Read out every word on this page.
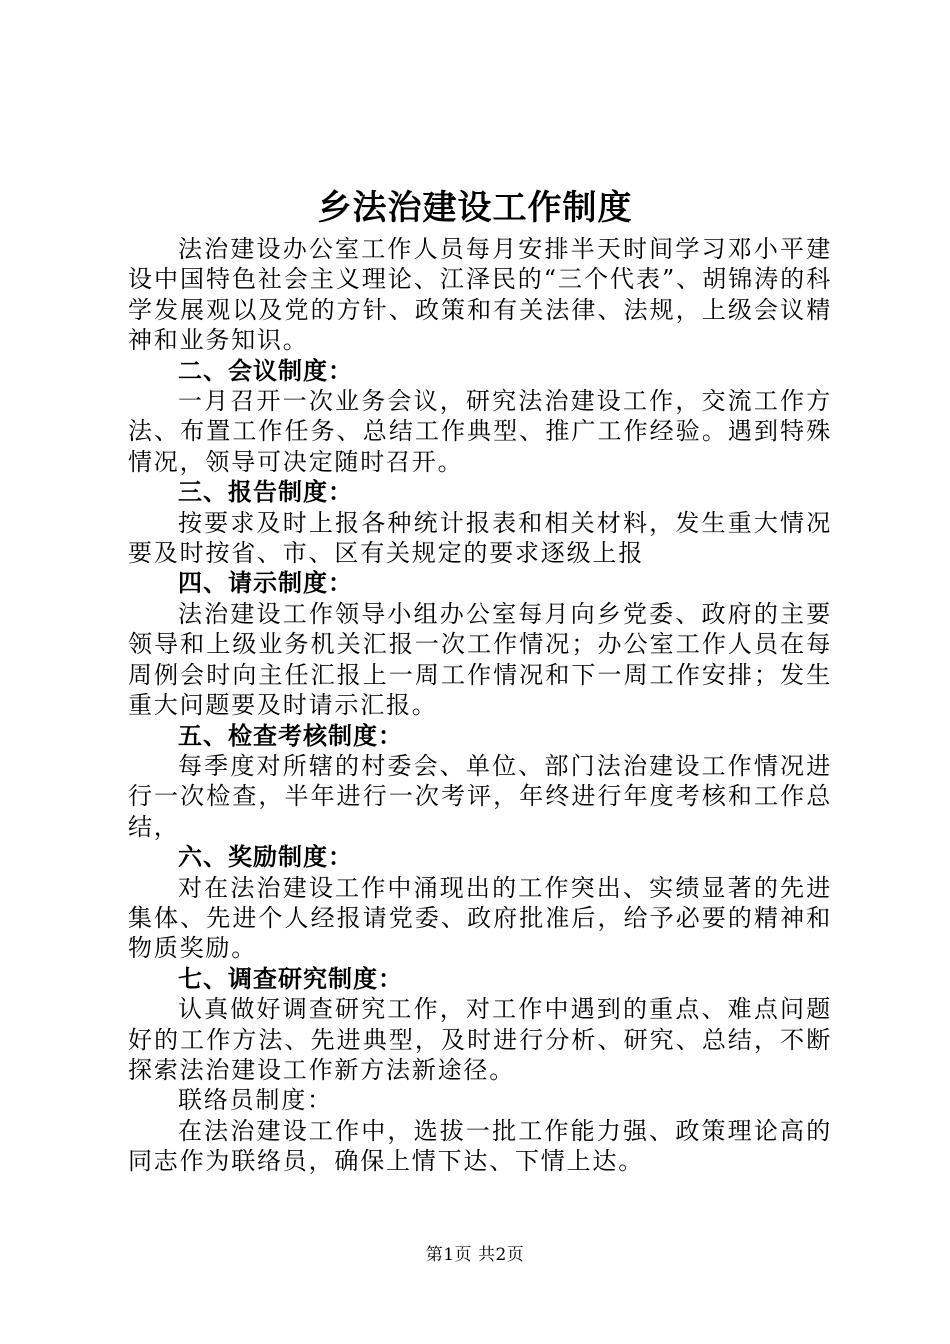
乡法治建设工作制度

法治建设办公室工作人员每月安排半天时间学习邓小平建设中国特色社会主义理论、江泽民的“三个代表”、胡锦涛的科学发展观以及党的方针、政策和有关法律、法规，上级会议精神和业务知识。

二、会议制度：

一月召开一次业务会议，研究法治建设工作，交流工作方法、布置工作任务、总结工作典型、推广工作经验。遇到特殊情况，领导可决定随时召开。

三、报告制度：

按要求及时上报各种统计报表和相关材料，发生重大情况要及时按省、市、区有关规定的要求逐级上报

四、请示制度：

法治建设工作领导小组办公室每月向乡党委、政府的主要领导和上级业务机关汇报一次工作情况；办公室工作人员在每周例会时向主任汇报上一周工作情况和下一周工作安排；发生重大问题要及时请示汇报。

五、检查考核制度：

每季度对所辖的村委会、单位、部门法治建设工作情况进行一次检查，半年进行一次考评，年终进行年度考核和工作总结，

六、奖励制度：

对在法治建设工作中涌现出的工作突出、实绩显著的先进集体、先进个人经报请党委、政府批准后，给予必要的精神和物质奖励。

七、调查研究制度：

认真做好调查研究工作，对工作中遇到的重点、难点问题好的工作方法、先进典型，及时进行分析、研究、总结，不断探索法治建设工作新方法新途径。

联络员制度：

在法治建设工作中，选拔一批工作能力强、政策理论高的同志作为联络员，确保上情下达、下情上达。

第1页 共2页
